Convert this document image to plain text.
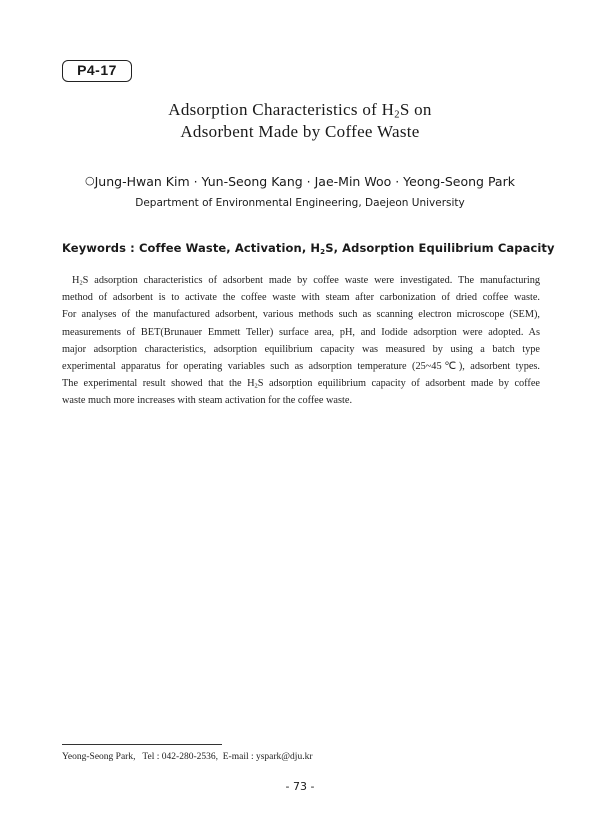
P4-17
Adsorption Characteristics of $H_2S$ on
Adsorbent Made by Coffee Waste
○Jung-Hwan Kim · Yun-Seong Kang · Jae-Min Woo · Yeong-Seong Park
Department of Environmental Engineering, Daejeon University
Keywords : Coffee Waste, Activation, $H_2S$, Adsorption Equilibrium Capacity
$H_2S$ adsorption characteristics of adsorbent made by coffee waste were investigated. The manufacturing
method of adsorbent is to activate the coffee waste with steam after carbonization of dried coffee waste.
For analyses of the manufactured adsorbent, various methods such as scanning electron microscope (SEM),
measurements of BET(Brunauer Emmett Teller) surface area, pH, and Iodide adsorption were adopted. As
major adsorption characteristics, adsorption equilibrium capacity was measured by using a batch type
experimental apparatus for operating variables such as adsorption temperature (25~45℃), adsorbent types.
The experimental result showed that the $H_2S$ adsorption equilibrium capacity of adsorbent made by coffee
waste much more increases with steam activation for the coffee waste.
Yeong-Seong Park,   Tel : 042-280-2536,  E-mail : yspark@dju.kr
- 73 -
